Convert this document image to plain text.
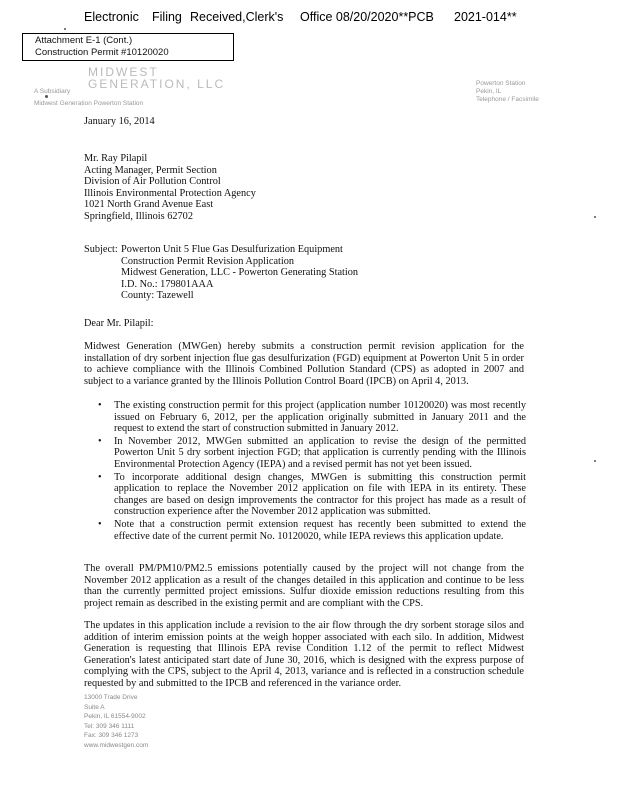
Electronic Filing Received,Clerk's Office 08/20/2020**PCB 2021-014**
Attachment E-1 (Cont.)
Construction Permit #10120020
MIDWEST
GENERATION, LLC
A Subsidiary
Midwest Generation Powerton Station
Powerton Station
Pekin, IL
Telephone / Facsimile
January 16, 2014
Mr. Ray Pilapil
Acting Manager, Permit Section
Division of Air Pollution Control
Illinois Environmental Protection Agency
1021 North Grand Avenue East
Springfield, Illinois 62702
Subject: Powerton Unit 5 Flue Gas Desulfurization Equipment
Construction Permit Revision Application
Midwest Generation, LLC - Powerton Generating Station
I.D. No.: 179801AAA
County: Tazewell
Dear Mr. Pilapil:
Midwest Generation (MWGen) hereby submits a construction permit revision application for the installation of dry sorbent injection flue gas desulfurization (FGD) equipment at Powerton Unit 5 in order to achieve compliance with the Illinois Combined Pollution Standard (CPS) as adopted in 2007 and subject to a variance granted by the Illinois Pollution Control Board (IPCB) on April 4, 2013.
• The existing construction permit for this project (application number 10120020) was most recently issued on February 6, 2012, per the application originally submitted in January 2011 and the request to extend the start of construction submitted in January 2012.
• In November 2012, MWGen submitted an application to revise the design of the permitted Powerton Unit 5 dry sorbent injection FGD; that application is currently pending with the Illinois Environmental Protection Agency (IEPA) and a revised permit has not yet been issued.
• To incorporate additional design changes, MWGen is submitting this construction permit application to replace the November 2012 application on file with IEPA in its entirety. These changes are based on design improvements the contractor for this project has made as a result of construction experience after the November 2012 application was submitted.
• Note that a construction permit extension request has recently been submitted to extend the effective date of the current permit No. 10120020, while IEPA reviews this application update.
The overall PM/PM10/PM2.5 emissions potentially caused by the project will not change from the November 2012 application as a result of the changes detailed in this application and continue to be less than the currently permitted project emissions. Sulfur dioxide emission reductions resulting from this project remain as described in the existing permit and are compliant with the CPS.
The updates in this application include a revision to the air flow through the dry sorbent storage silos and addition of interim emission points at the weigh hopper associated with each silo. In addition, Midwest Generation is requesting that Illinois EPA revise Condition 1.12 of the permit to reflect Midwest Generation's latest anticipated start date of June 30, 2016, which is designed with the express purpose of complying with the CPS, subject to the April 4, 2013, variance and is reflected in a construction schedule requested by and submitted to the IPCB and referenced in the variance order.
13000 Trade Drive
Suite A
Pekin, IL 61554-9002
Tel: 309 346 1111
Fax: 309 346 1273
www.midwestgen.com
